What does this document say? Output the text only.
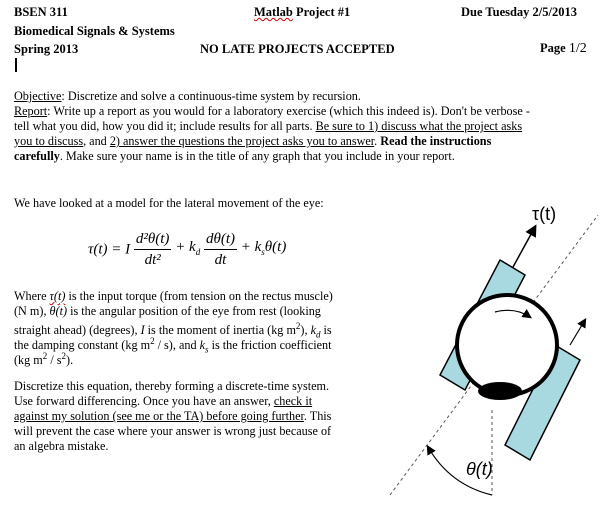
BSEN 311
Biomedical Signals & Systems
Spring 2013
Matlab Project #1
NO LATE PROJECTS ACCEPTED
Due Tuesday 2/5/2013
Page 1/2
Objective: Discretize and solve a continuous-time system by recursion.
Report: Write up a report as you would for a laboratory exercise (which this indeed is). Don't be verbose -
tell what you did, how you did it; include results for all parts. Be sure to 1) discuss what the project asks
you to discuss, and 2) answer the questions the project asks you to answer. Read the instructions
carefully. Make sure your name is in the title of any graph that you include in your report.
We have looked at a model for the lateral movement of the eye:
τ(t) = I $\frac{\text{d²θ(t)}}{\text{dt²}} + k_d \frac{d\theta(t)}{dt} + k_s\theta(t)$
Where τ(t) is the input torque (from tension on the rectus muscle)
(N m), θ(t) is the angular position of the eye from rest (looking
straight ahead) (degrees), I is the moment of inertia (kg $m^2$), $k_d$ is
the damping constant (kg $m^2 / s$), and $k_s$ is the friction coefficient
(kg $m^2 / s^2$).
Discretize this equation, thereby forming a discrete-time system.
Use forward differencing. Once you have an answer, check it
against my solution (see me or the TA) before going further. This
will prevent the case where your answer is wrong just because of
an algebra mistake.
τ(t)
θ(t)
